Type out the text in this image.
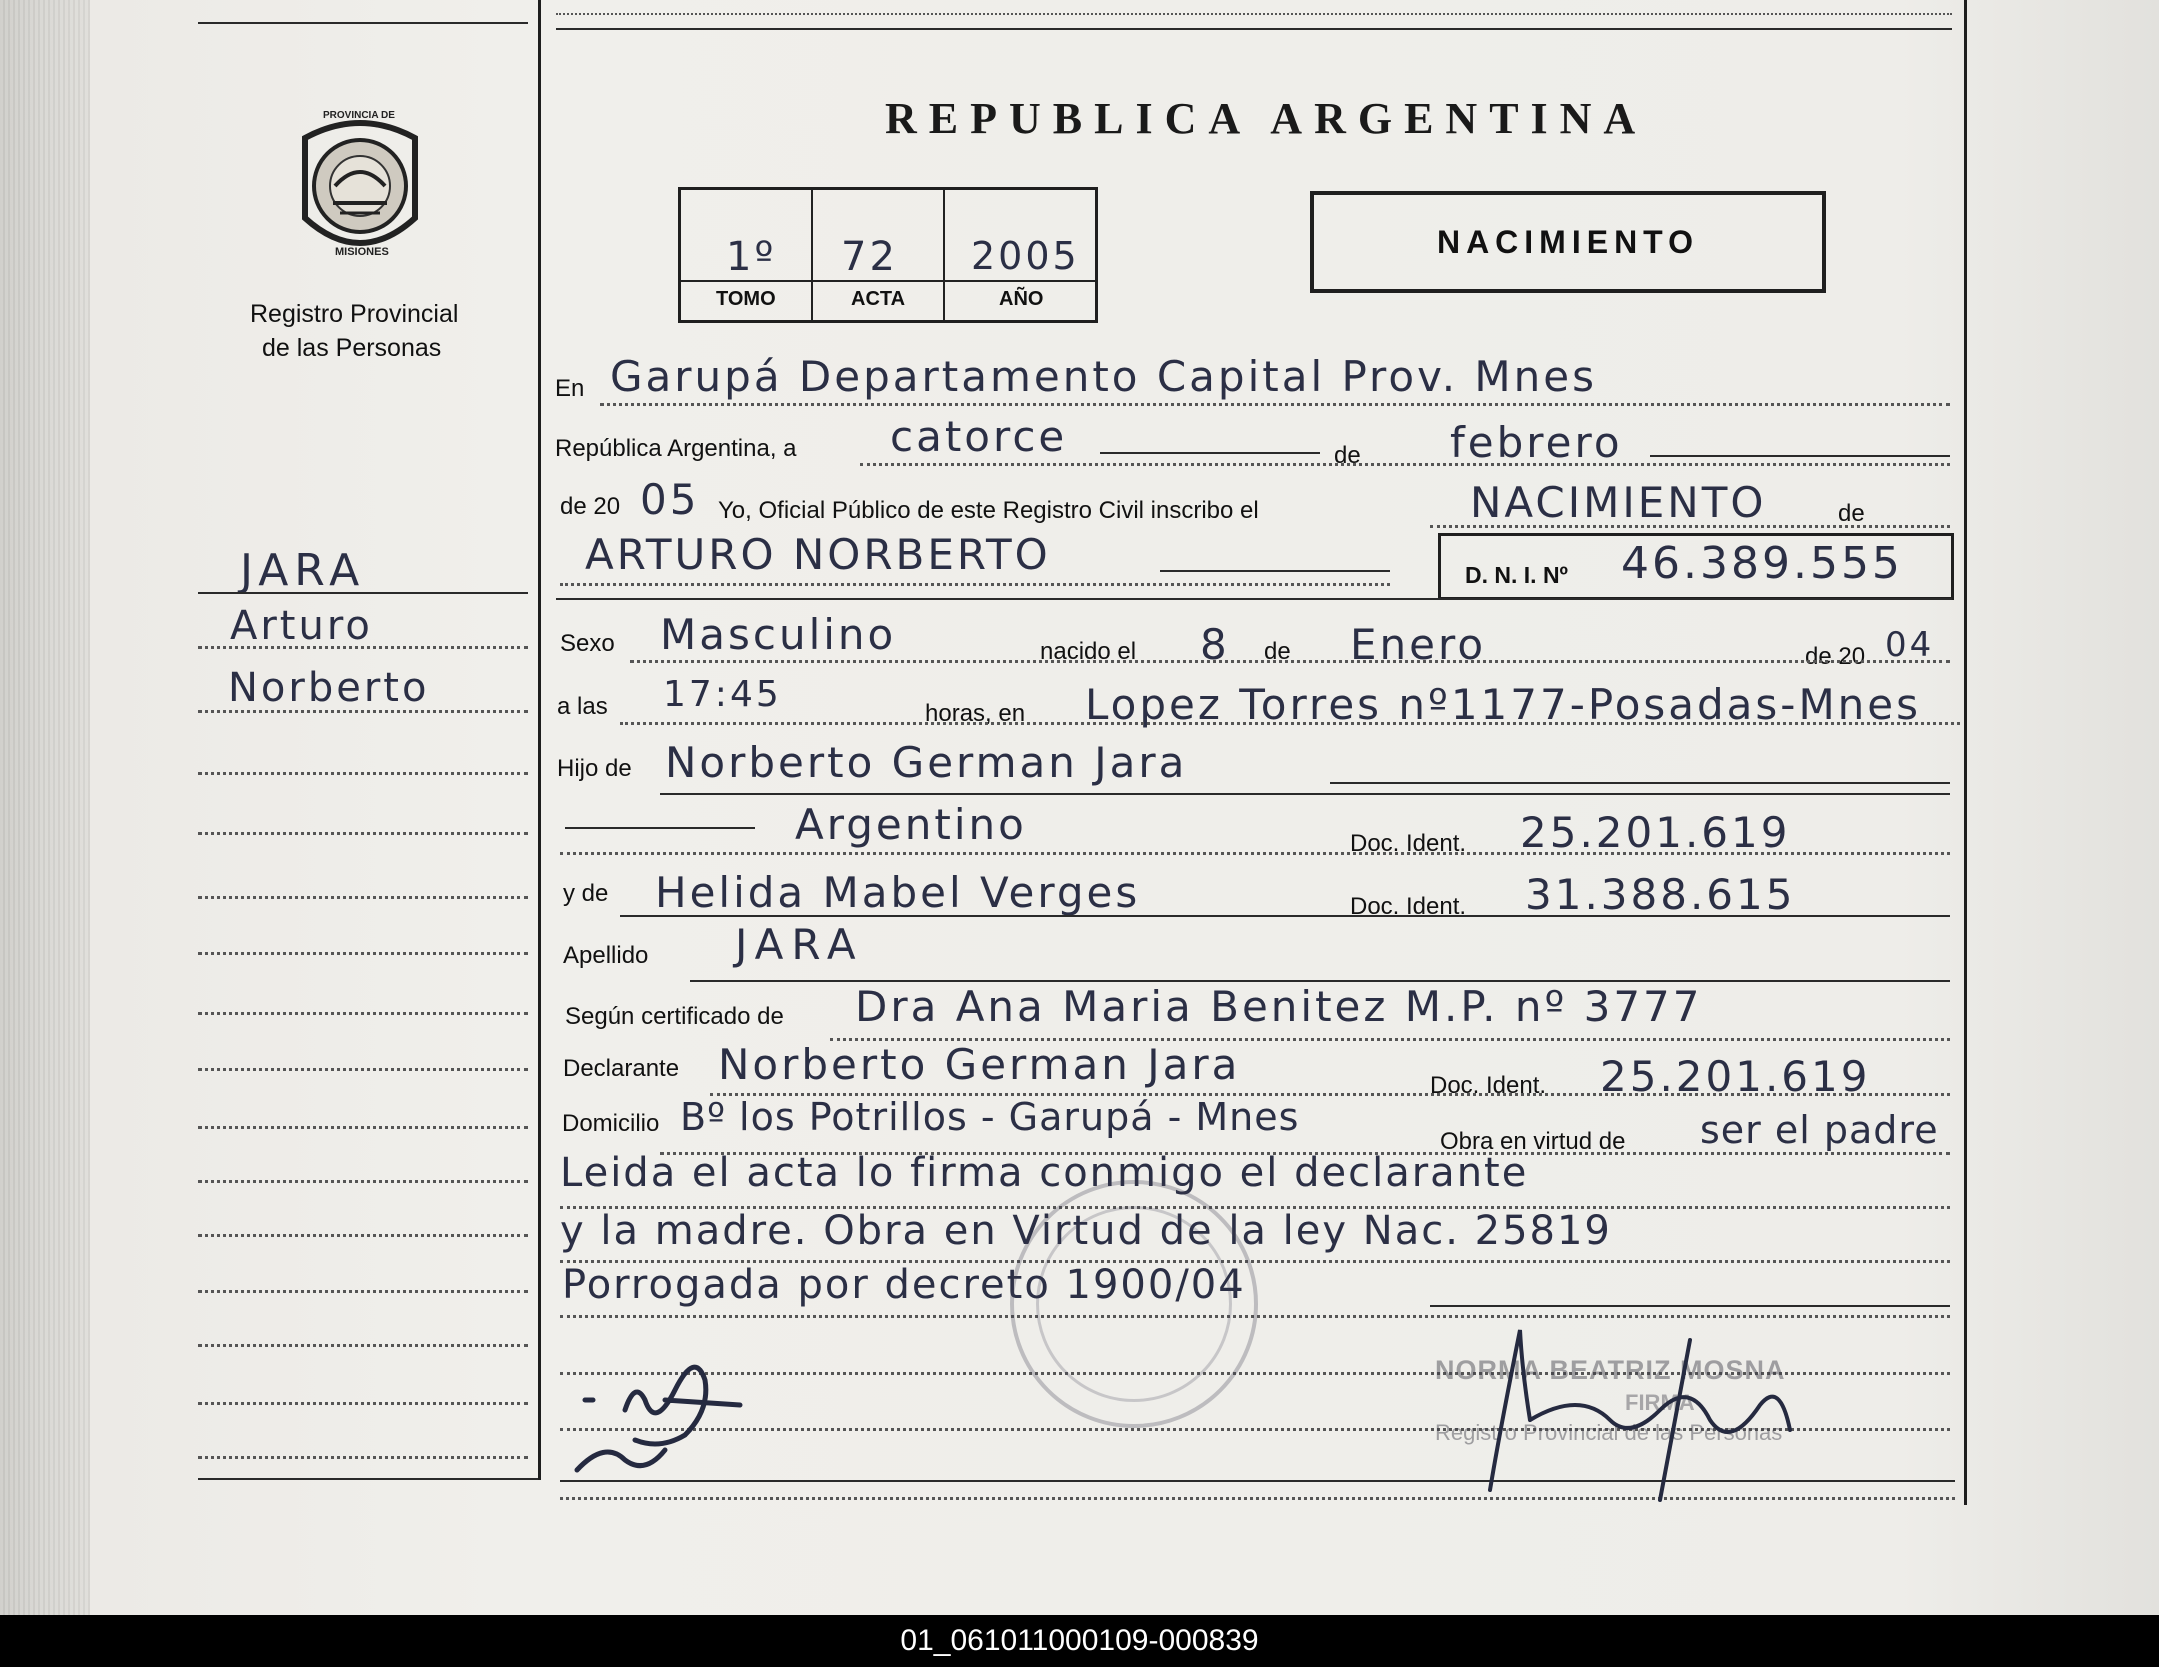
PROVINCIA DE
MISIONES
Registro Provincial
de las Personas
REPUBLICA ARGENTINA
1º 72 2005
TOMO	ACTA	AÑO
NACIMIENTO
JARA
Arturo
Norberto
En Garupá Departamento Capital Prov. Mnes
República Argentina, a catorce	de febrero
de 20 05 Yo, Oficial Público de este Registro Civil inscribo el	NACIMIENTO	de
ARTURO NORBERTO	D. N. I. Nº 46.389.555
Sexo Masculino	nacido el 8 de Enero	de 20 04
a las 17:45	horas, en Lopez Torres nº1177-Posadas-Mnes
Hijo de Norberto German Jara
Argentino	Doc. Ident. 25.201.619
y de Helida Mabel Verges	Doc. Ident. 31.388.615
Apellido JARA
Según certificado de Dra Ana Maria Benitez M.P. nº 3777
Declarante Norberto German Jara	Doc. Ident. 25.201.619
Domicilio Bº los Potrillos - Garupá - Mnes
Obra en virtud de ser el padre
Leida el acta lo firma conmigo el declarante
y la madre. Obra en Virtud de la ley Nac. 25819
Porrogada por decreto 1900/04
NORMA BEATRIZ MOSNA
FIRMA
Registro Provincial de las Personas
01_061011000109-000839
